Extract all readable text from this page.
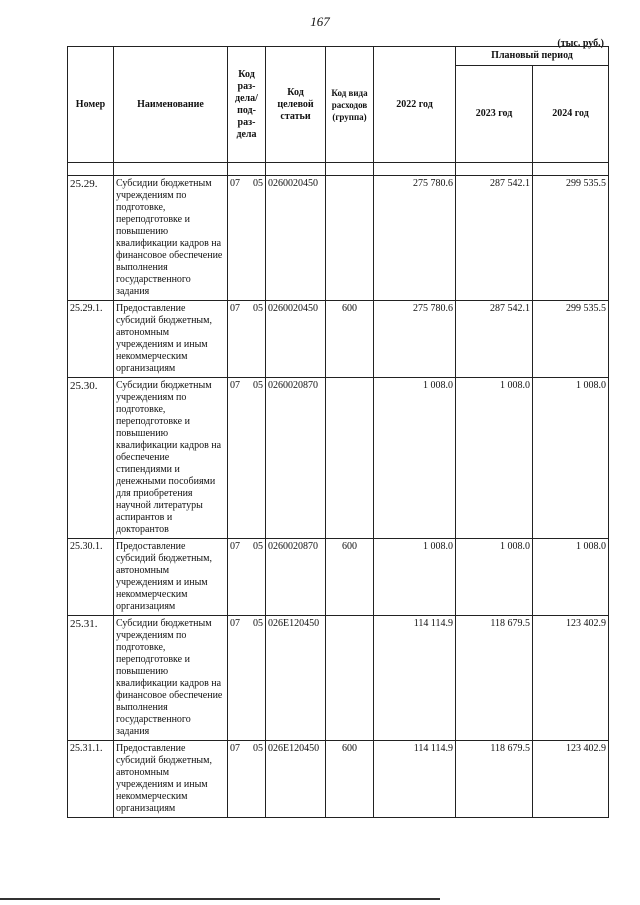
167
(тыс. руб.)
Номер	Наименование	Код раз-дела/ под-раз-дела	Код целевой статьи	Код вида расходов (группа)	2022 год	Плановый период	
						2023 год	2024 год

25.29.	Субсидии бюджетным учреждениям по подготовке, переподготовке и повышению квалификации кадров на финансовое обеспечение выполнения государственного задания	07 05	0260020450		275 780.6	287 542.1	299 535.5
25.29.1.	Предоставление субсидий бюджетным, автономным учреждениям и иным некоммерческим организациям	07 05	0260020450	600	275 780.6	287 542.1	299 535.5
25.30.	Субсидии бюджетным учреждениям по подготовке, переподготовке и повышению квалификации кадров на обеспечение стипендиями и денежными пособиями для приобретения научной литературы аспирантов и докторантов	07 05	0260020870		1 008.0	1 008.0	1 008.0
25.30.1.	Предоставление субсидий бюджетным, автономным учреждениям и иным некоммерческим организациям	07 05	0260020870	600	1 008.0	1 008.0	1 008.0
25.31.	Субсидии бюджетным учреждениям по подготовке, переподготовке и повышению квалификации кадров на финансовое обеспечение выполнения государственного задания	07 05	026Е120450		114 114.9	118 679.5	123 402.9
25.31.1.	Предоставление субсидий бюджетным, автономным учреждениям и иным некоммерческим организациям	07 05	026Е120450	600	114 114.9	118 679.5	123 402.9
